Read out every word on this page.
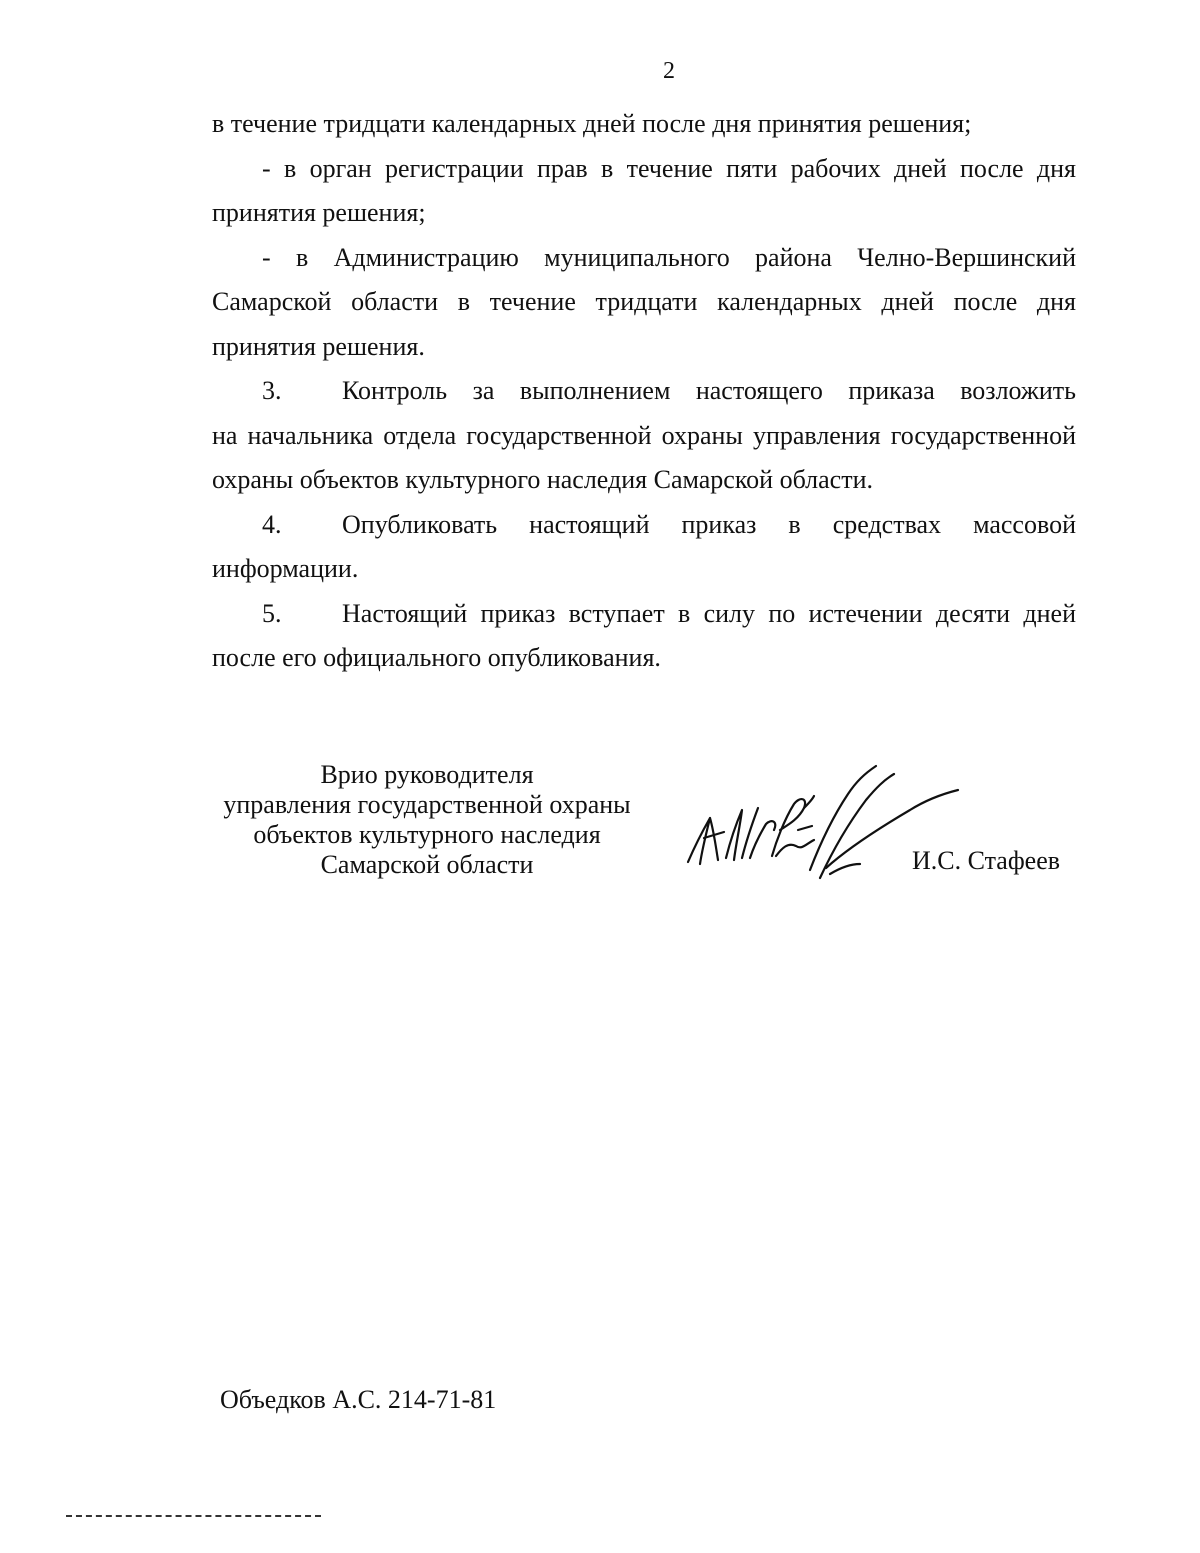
2

в течение тридцати календарных дней после дня принятия решения;

- в орган регистрации прав в течение пяти рабочих дней после дня принятия решения;

- в Администрацию муниципального района Челно-Вершинский Самарской области в течение тридцати календарных дней после дня принятия решения.

3.	Контроль за выполнением настоящего приказа возложить

на начальника отдела государственной охраны управления государственной охраны объектов культурного наследия Самарской области.

4.	Опубликовать настоящий приказ в средствах массовой

информации.

5.	Настоящий приказ вступает в силу по истечении десяти дней

после его официального опубликования.

Врио руководителя
управления государственной охраны
объектов культурного наследия
Самарской области	И.С. Стафеев
Объедков А.С. 214-71-81
